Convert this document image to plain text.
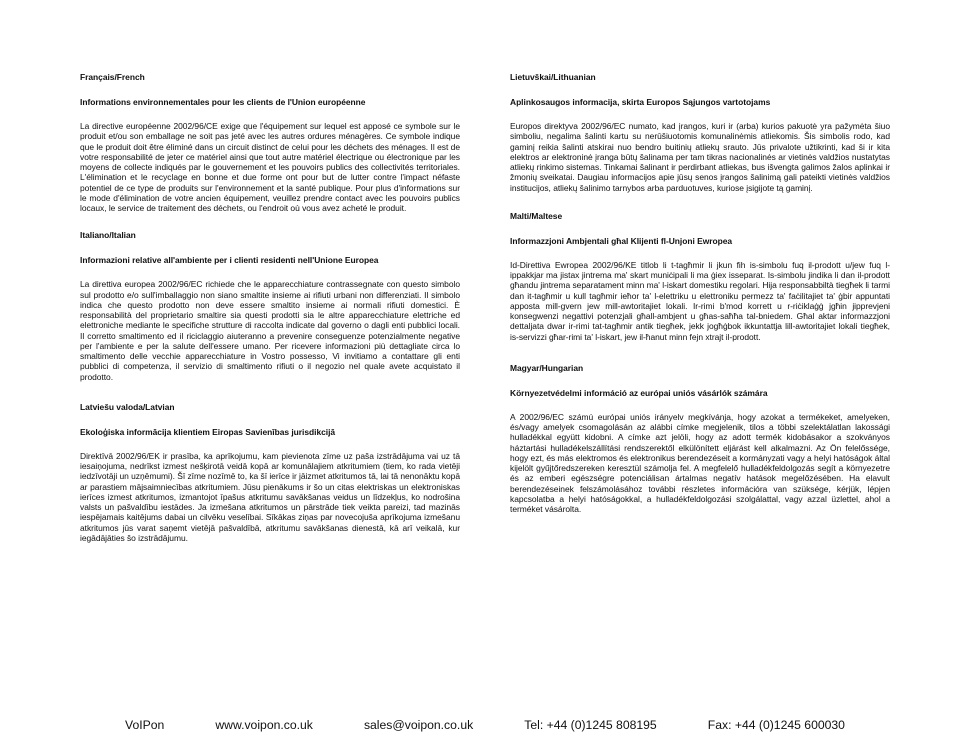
Français/French

Informations environnementales pour les clients de l'Union européenne

La directive européenne 2002/96/CE exige que l'équipement sur lequel est apposé ce symbole sur le produit et/ou son emballage ne soit pas jeté avec les autres ordures ménagères. Ce symbole indique que le produit doit être éliminé dans un circuit distinct de celui pour les déchets des ménages. Il est de votre responsabilité de jeter ce matériel ainsi que tout autre matériel électrique ou électronique par les moyens de collecte indiqués par le gouvernement et les pouvoirs publics des collectivités territoriales. L'élimination et le recyclage en bonne et due forme ont pour but de lutter contre l'impact néfaste potentiel de ce type de produits sur l'environnement et la santé publique. Pour plus d'informations sur le mode d'élimination de votre ancien équipement, veuillez prendre contact avec les pouvoirs publics locaux, le service de traitement des déchets, ou l'endroit où vous avez acheté le produit.

Italiano/Italian

Informazioni relative all'ambiente per i clienti residenti nell'Unione Europea

La direttiva europea 2002/96/EC richiede che le apparecchiature contrassegnate con questo simbolo sul prodotto e/o sull'imballaggio non siano smaltite insieme ai rifiuti urbani non differenziati. Il simbolo indica che questo prodotto non deve essere smaltito insieme ai normali rifiuti domestici. È responsabilità del proprietario smaltire sia questi prodotti sia le altre apparecchiature elettriche ed elettroniche mediante le specifiche strutture di raccolta indicate dal governo o dagli enti pubblici locali. Il corretto smaltimento ed il riciclaggio aiuteranno a prevenire conseguenze potenzialmente negative per l'ambiente e per la salute dell'essere umano. Per ricevere informazioni più dettagliate circa lo smaltimento delle vecchie apparecchiature in Vostro possesso, Vi invitiamo a contattare gli enti pubblici di competenza, il servizio di smaltimento rifiuti o il negozio nel quale avete acquistato il prodotto.

Latviešu valoda/Latvian

Ekoloģiska informācija klientiem Eiropas Savienības jurisdikcijā

Direktīvā 2002/96/EK ir prasība, ka aprīkojumu, kam pievienota zīme uz paša izstrādājuma vai uz tā iesaiņojuma, nedrīkst izmest nešķirotā veidā kopā ar komunālajiem atkritumiem (tiem, ko rada vietēji iedzīvotāji un uzņēmumi). Šī zīme nozīmē to, ka šī ierīce ir jāizmet atkritumos tā, lai tā nenonāktu kopā ar parastiem mājsaimniecības atkritumiem. Jūsu pienākums ir šo un citas elektriskas un elektroniskas ierīces izmest atkritumos, izmantojot īpašus atkritumu savākšanas veidus un līdzekļus, ko nodrošina valsts un pašvaldību iestādes. Ja izmešana atkritumos un pārstrāde tiek veikta pareizi, tad mazinās iespējamais kaitējums dabai un cilvēku veselībai. Sīkākas ziņas par novecojuša aprīkojuma izmešanu atkritumos jūs varat saņemt vietējā pašvaldībā, atkritumu savākšanas dienestā, kā arī veikalā, kur iegādājāties šo izstrādājumu.

Lietuvškai/Lithuanian

Aplinkosaugos informacija, skirta Europos Sąjungos vartotojams

Europos direktyva 2002/96/EC numato, kad įrangos, kuri ir (arba) kurios pakuotė yra pažymėta šiuo simboliu, negalima šalinti kartu su nerūšiuotomis komunalinėmis atliekomis. Šis simbolis rodo, kad gaminį reikia šalinti atskirai nuo bendro buitinių atliekų srauto. Jūs privalote užtikrinti, kad ši ir kita elektros ar elektroninė įranga būtų šalinama per tam tikras nacionalinės ar vietinės valdžios nustatytas atliekų rinkimo sistemas. Tinkamai šalinant ir perdirbant atliekas, bus išvengta galimos žalos aplinkai ir žmonių sveikatai. Daugiau informacijos apie jūsų senos įrangos šalinimą gali pateikti vietinės valdžios institucijos, atliekų šalinimo tarnybos arba parduotuves, kuriose įsigijote tą gaminį.

Malti/Maltese

Informazzjoni Ambjentali għal Klijenti fl-Unjoni Ewropea

Id-Direttiva Ewropea 2002/96/KE titlob li t-tagħmir li jkun fih is-simbolu fuq il-prodott u/jew fuq l-ippakkjar ma jistax jintrema ma' skart muniċipali li ma ġiex isseparat. Is-simbolu jindika li dan il-prodott għandu jintrema separatament minn ma' l-iskart domestiku regolari. Hija responsabbiltà tiegħek li tarmi dan it-tagħmir u kull tagħmir ieħor ta' l-elettriku u elettroniku permezz ta' faċilitajiet ta' ġbir appuntati apposta mill-gvern jew mill-awtoritajiet lokali. Ir-rimi b'mod korrett u r-riċiklaġġ jgħin jipprevjeni konsegwenzi negattivi potenzjali għall-ambjent u għas-saħħa tal-bniedem. Għal aktar informazzjoni dettaljata dwar ir-rimi tat-tagħmir antik tiegħek, jekk jogħġbok ikkuntattja lill-awtoritajiet lokali tiegħek, is-servizzi għar-rimi ta' l-iskart, jew il-ħanut minn fejn xtrajt il-prodott.

Magyar/Hungarian

Környezetvédelmi információ az európai uniós vásárlók számára

A 2002/96/EC számú európai uniós irányelv megkívánja, hogy azokat a termékeket, amelyeken, és/vagy amelyek csomagolásán az alábbi címke megjelenik, tilos a többi szelektálatlan lakossági hulladékkal együtt kidobni. A címke azt jelöli, hogy az adott termék kidobásakor a szokványos háztartási hulladékelszállítási rendszerektől elkülönített eljárást kell alkalmazni. Az Ön felelőssége, hogy ezt, és más elektromos és elektronikus berendezéseit a kormányzati vagy a helyi hatóságok által kijelölt gyűjtőredszereken keresztül számolja fel. A megfelelő hulladékfeldolgozás segít a környezetre és az emberi egészségre potenciálisan ártalmas negatív hatások megelőzésében. Ha elavult berendezéseinek felszámolásához további részletes információra van szüksége, kérjük, lépjen kapcsolatba a helyi hatóságokkal, a hulladékfeldolgozási szolgálattal, vagy azzal üzlettel, ahol a terméket vásárolta.

VoIPon	www.voipon.co.uk	sales@voipon.co.uk	Tel: +44 (0)1245 808195	Fax: +44 (0)1245 600030
